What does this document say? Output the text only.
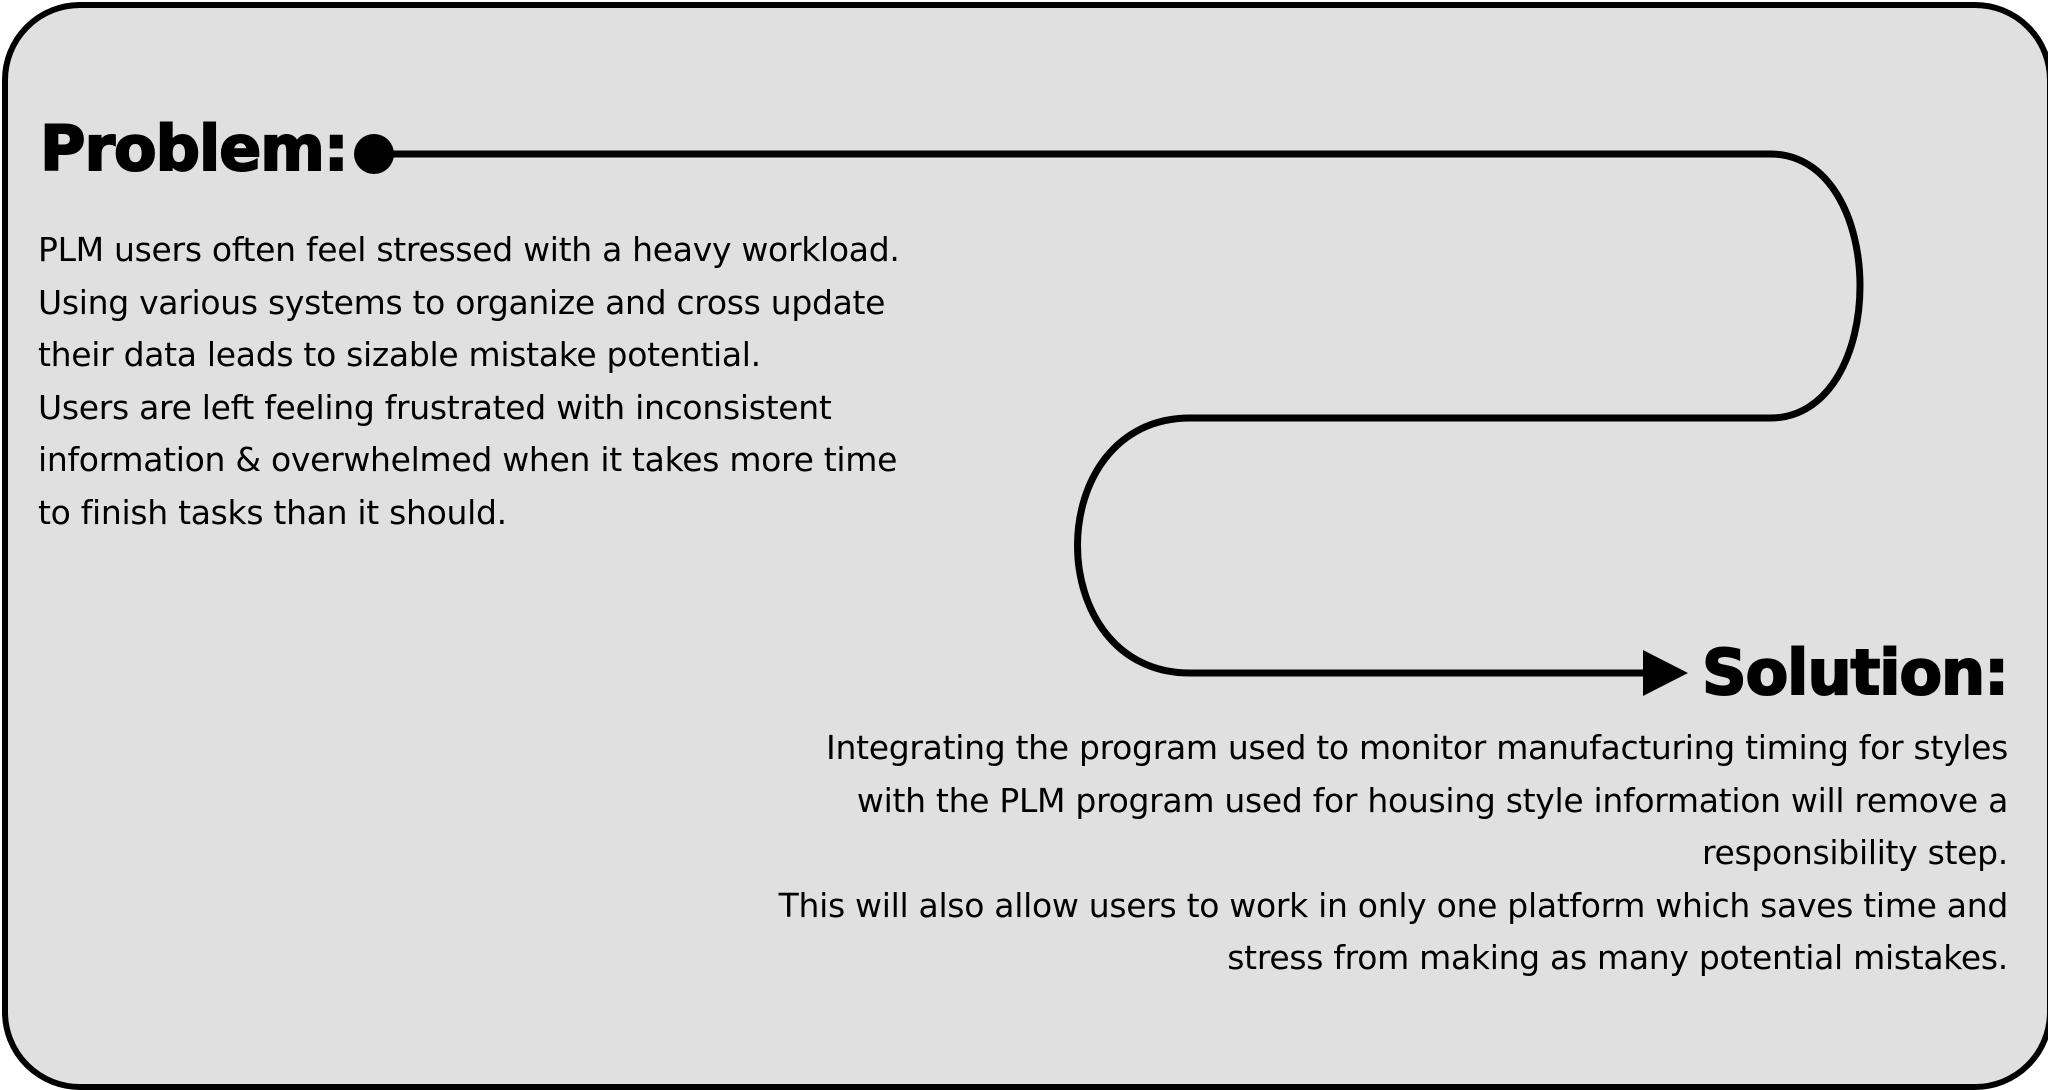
Problem:

PLM users often feel stressed with a heavy workload.
Using various systems to organize and cross update
their data leads to sizable mistake potential.
Users are left feeling frustrated with inconsistent
information & overwhelmed when it takes more time
to finish tasks than it should.

Solution:

Integrating the program used to monitor manufacturing timing for styles
with the PLM program used for housing style information will remove a
responsibility step.
This will also allow users to work in only one platform which saves time and
stress from making as many potential mistakes.
